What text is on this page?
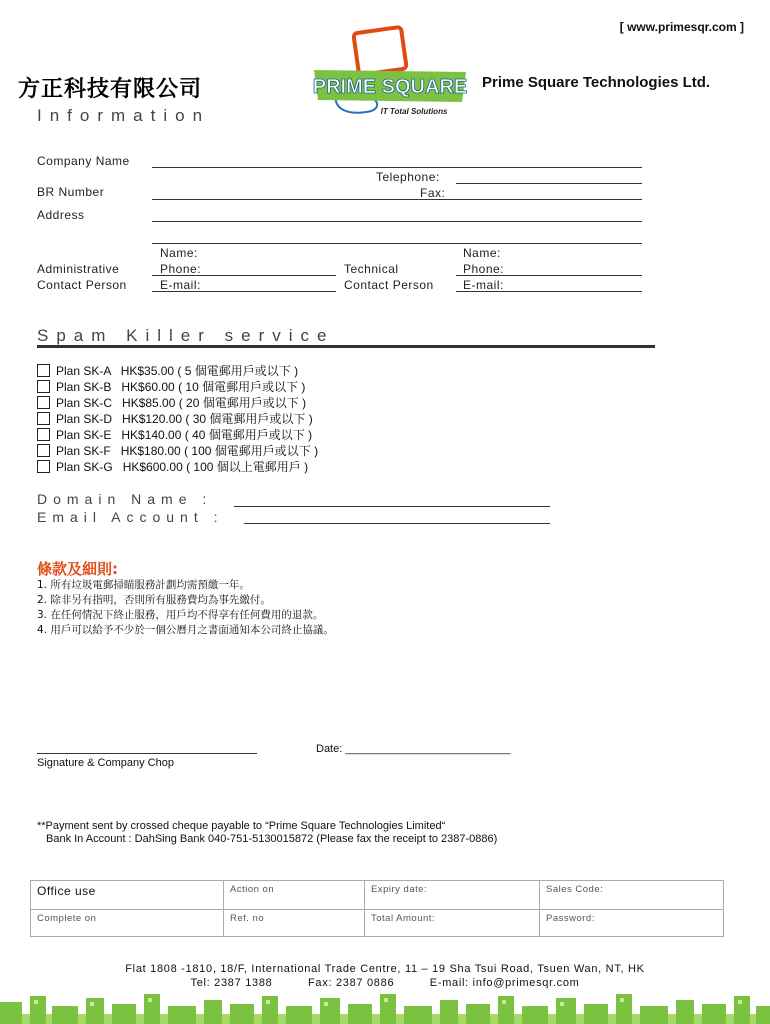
[ www.primesqr.com ]
方正科技有限公司	PRIME SQUARE
IT Total Solutions
Prime Square Technologies Ltd.
Information
Company Name
Telephone:
BR Number	Fax:
Address
Administrative
Contact Person
Name:
Phone:
E-mail:
Technical
Contact Person
Name:
Phone:
E-mail:
Spam Killer service
Plan SK-A   HK$35.00 ( 5 個電郵用戶或以下 )
Plan SK-B   HK$60.00 ( 10 個電郵用戶或以下 )
Plan SK-C   HK$85.00 ( 20 個電郵用戶或以下 )
Plan SK-D   HK$120.00 ( 30 個電郵用戶或以下 )
Plan SK-E   HK$140.00 ( 40 個電郵用戶或以下 )
Plan SK-F   HK$180.00 ( 100 個電郵用戶或以下 )
Plan SK-G   HK$600.00 ( 100 個以上電郵用戶 )
Domain Name :
Email Account :
條款及細則:
1. 所有垃圾電郵掃瞄服務計劃均需預繳一年。
2. 除非另有指明，否則所有服務費均為事先繳付。
3. 在任何情況下終止服務，用戶均不得享有任何費用的退款。
4. 用戶可以給予不少於一個公曆月之書面通知本公司終止協議。
Signature & Company Chop
Date: ___________________________
**Payment sent by crossed cheque payable to “Prime Square Technologies Limited“
Bank In Account : DahSing Bank 040-751-5130015872 (Please fax the receipt to 2387-0886)
Office use	Action on	Expiry date:	Sales Code:
Complete on	Ref. no	Total Amount:	Password:
Flat 1808 -1810, 18/F, International Trade Centre, 11 – 19 Sha Tsui Road, Tsuen Wan, NT, HK
Tel: 2387 1388	Fax: 2387 0886	E-mail: info@primesqr.com
